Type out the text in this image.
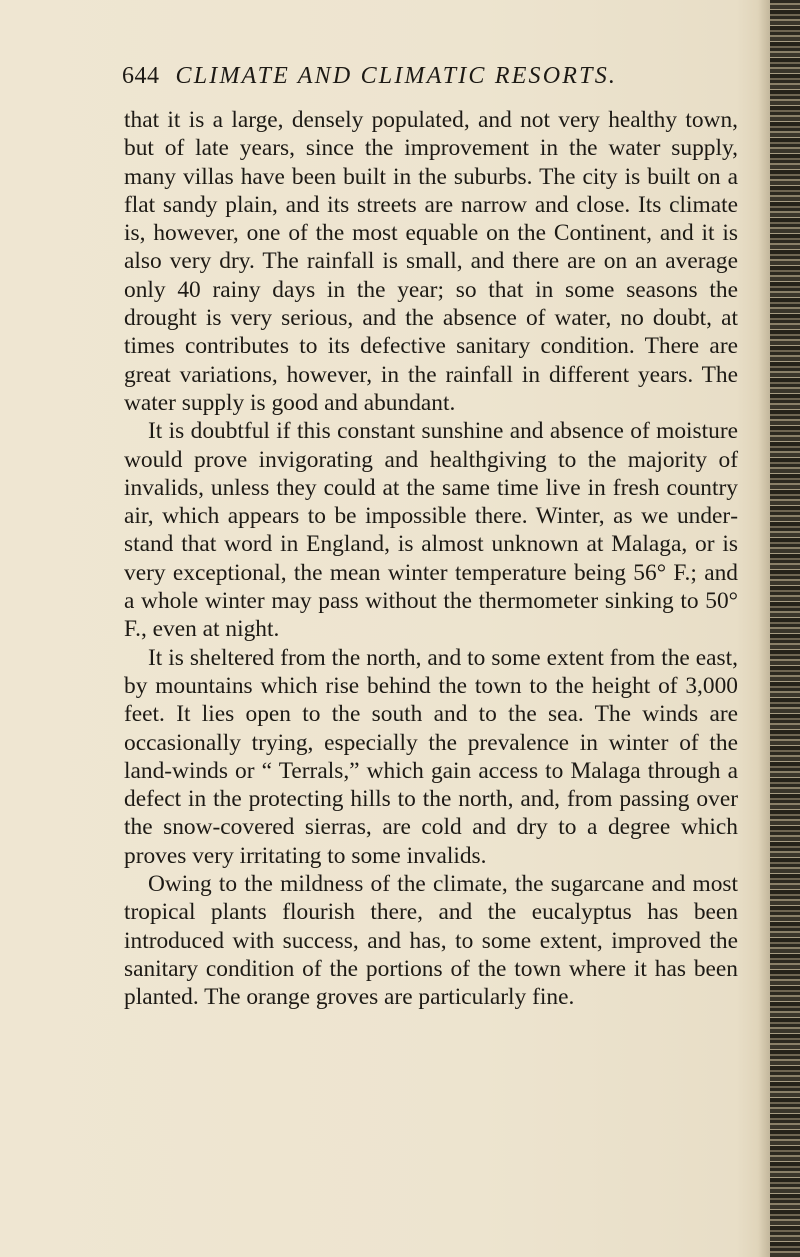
644 CLIMATE AND CLIMATIC RESORTS.

that it is a large, densely populated, and not very healthy town, but of late years, since the improvement in the water supply, many villas have been built in the suburbs. The city is built on a flat sandy plain, and its streets are narrow and close. Its climate is, however, one of the most equable on the Continent, and it is also very dry. The rainfall is small, and there are on an average only 40 rainy days in the year; so that in some seasons the drought is very serious, and the absence of water, no doubt, at times contributes to its defective sanitary condition. There are great variations, however, in the rainfall in different years. The water supply is good and abundant.

It is doubtful if this constant sunshine and absence of moisture would prove invigorating and healthgiving to the majority of invalids, unless they could at the same time live in fresh country air, which appears to be impossible there. Winter, as we understand that word in England, is almost unknown at Malaga, or is very exceptional, the mean winter temperature being 56° F.; and a whole winter may pass without the thermometer sinking to 50° F., even at night.

It is sheltered from the north, and to some extent from the east, by mountains which rise behind the town to the height of 3,000 feet. It lies open to the south and to the sea. The winds are occasionally trying, especially the prevalence in winter of the land-winds or “ Terrals,” which gain access to Malaga through a defect in the protecting hills to the north, and, from passing over the snow-covered sierras, are cold and dry to a degree which proves very irritating to some invalids.

Owing to the mildness of the climate, the sugarcane and most tropical plants flourish there, and the eucalyptus has been introduced with success, and has, to some extent, improved the sanitary condition of the portions of the town where it has been planted. The orange groves are particularly fine.
